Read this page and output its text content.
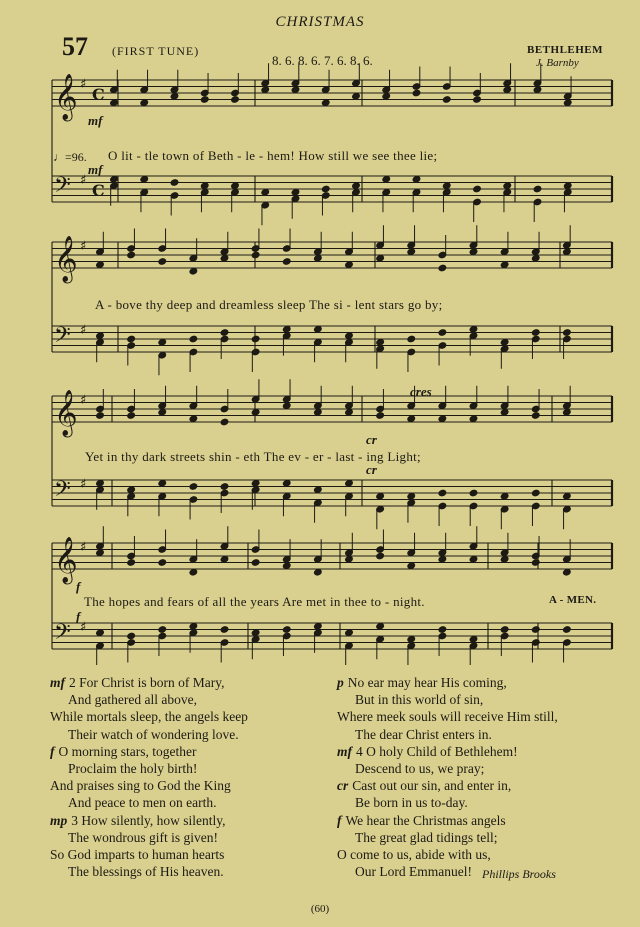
CHRISTMAS
57 (FIRST TUNE)
8. 6. 8. 6. 7. 6. 8. 6.
BETHLEHEM
J. Barnby
𝄞 ♯
C
𝄢 ♯
C
𝄞 ♯
𝄢 ♯
𝄞 ♯
𝄢 ♯
𝄞 ♯
𝄢 ♯
♩=96.
mf
mf
cres
cr
cr
f
f
O lit - tle town of Beth - le - hem! How still we see thee lie;
A - bove thy deep and dreamless sleep The si - lent stars go by;
Yet in thy dark streets shin - eth The ev - er - last - ing Light;
The hopes and fears of all the years Are met in thee to - night.	A - MEN.
mf 2 For Christ is born of Mary,
And gathered all above,
While mortals sleep, the angels keep
Their watch of wondering love.
f O morning stars, together
Proclaim the holy birth!
And praises sing to God the King
And peace to men on earth.
mp 3 How silently, how silently,
The wondrous gift is given!
So God imparts to human hearts
The blessings of His heaven.
p No ear may hear His coming,
But in this world of sin,
Where meek souls will receive Him still,
The dear Christ enters in.
mf 4 O holy Child of Bethlehem!
Descend to us, we pray;
cr Cast out our sin, and enter in,
Be born in us to-day.
f We hear the Christmas angels
The great glad tidings tell;
O come to us, abide with us,
Our Lord Emmanuel! Phillips Brooks
(60)
